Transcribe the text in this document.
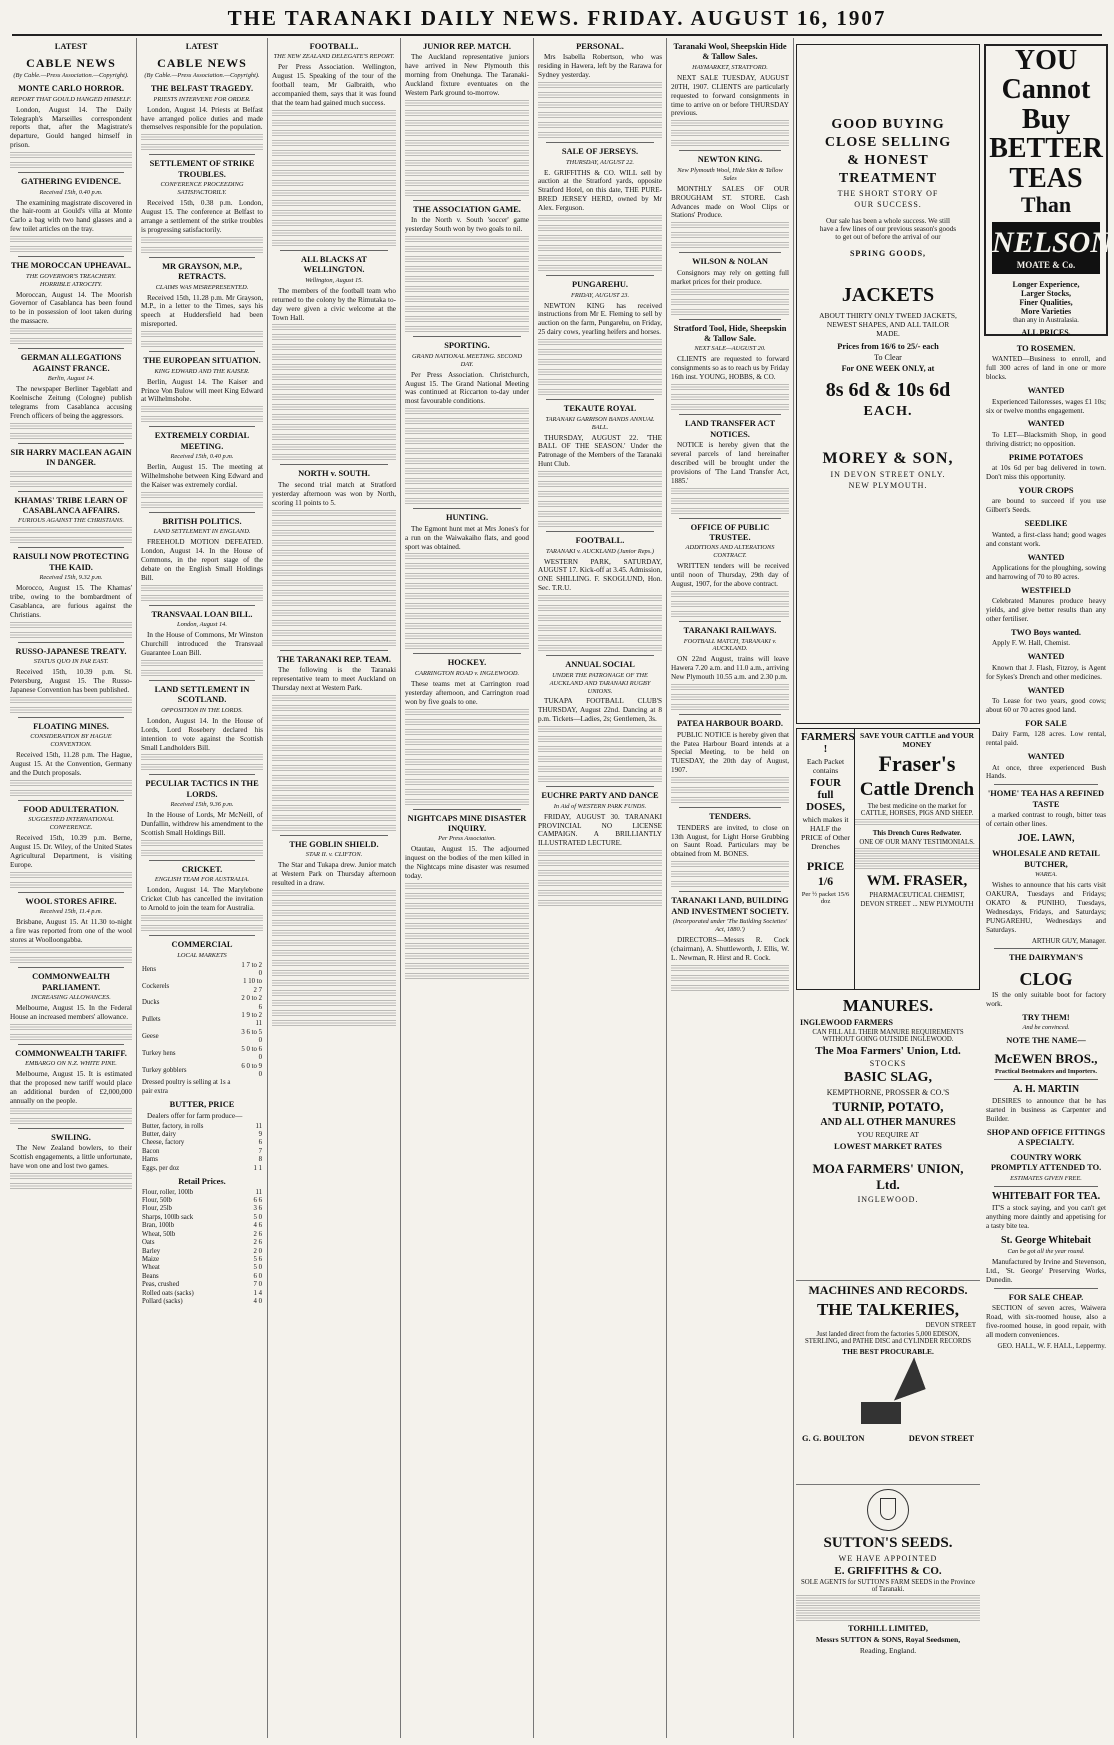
THE TARANAKI DAILY NEWS. FRIDAY. AUGUST 16, 1907
LATEST
CABLE NEWS
(By Cable.—Press Association.—Copyright).
MONTE CARLO HORROR.
REPORT THAT GOULD HANGED HIMSELF.

London, August 14. The Daily Telegraph's Marseilles correspondent reports that, after the Magistrate's departure, Gould hanged himself in prison.

GATHERING EVIDENCE.
Received 15th, 0.40 p.m.

The examining magistrate discovered in the hair-room at Gould's villa at Monte Carlo a bag with two hand glasses and a few toilet articles on the tray.

THE MOROCCAN UPHEAVAL.
THE GOVERNOR'S TREACHERY. HORRIBLE ATROCITY.

Moroccan, August 14. The Moorish Governor of Casablanca has been found to be in possession of loot taken during the massacre.

GERMAN ALLEGATIONS AGAINST FRANCE.
Berlin, August 14.

The newspaper Berliner Tageblatt and Koelnische Zeitung (Cologne) publish telegrams from Casablanca accusing French officers of being the aggressors.

SIR HARRY MACLEAN AGAIN IN DANGER.
KHAMAS' TRIBE LEARN OF CASABLANCA AFFAIRS.
FURIOUS AGAINST THE CHRISTIANS.
RAISULI NOW PROTECTING THE KAID.
Received 15th, 9.32 p.m.

Morocco, August 15. The Khamas' tribe, owing to the bombardment of Casablanca, are furious against the Christians.

RUSSO-JAPANESE TREATY.
STATUS QUO IN FAR EAST.

Received 15th, 10.39 p.m. St. Petersburg, August 15. The Russo-Japanese Convention has been published.

FLOATING MINES.
CONSIDERATION BY HAGUE CONVENTION.

Received 15th, 11.28 p.m. The Hague, August 15. At the Convention, Germany and the Dutch proposals.

FOOD ADULTERATION.
SUGGESTED INTERNATIONAL CONFERENCE.

Received 15th, 10.39 p.m. Berne, August 15. Dr. Wiley, of the United States Agricultural Department, is visiting Europe.

WOOL STORES AFIRE.
Received 15th, 11.4 p.m.

Brisbane, August 15. At 11.30 to-night a fire was reported from one of the wool stores at Woolloongabba.

COMMONWEALTH PARLIAMENT.
INCREASING ALLOWANCES.

Melbourne, August 15. In the Federal House an increased members' allowance.

COMMONWEALTH TARIFF.
EMBARGO ON N.Z. WHITE PINE.

Melbourne, August 15. It is estimated that the proposed new tariff would place an additional burden of £2,000,000 annually on the people.

SWILING.

The New Zealand bowlers, to their Scottish engagements, a little unfortunate, have won one and lost two games.

LATEST
CABLE NEWS
(By Cable.—Press Association.—Copyright).
THE BELFAST TRAGEDY.
PRIESTS INTERVENE FOR ORDER.

London, August 14. Priests at Belfast have arranged police duties and made themselves responsible for the population.

SETTLEMENT OF STRIKE TROUBLES.
CONFERENCE PROCEEDING SATISFACTORILY.

Received 15th, 0.38 p.m. London, August 15. The conference at Belfast to arrange a settlement of the strike troubles is progressing satisfactorily.

MR GRAYSON, M.P., RETRACTS.
CLAIMS WAS MISREPRESENTED.

Received 15th, 11.28 p.m. Mr Grayson, M.P., in a letter to the Times, says his speech at Huddersfield had been misreported.

THE EUROPEAN SITUATION.
KING EDWARD AND THE KAISER.

Berlin, August 14. The Kaiser and Prince Von Bulow will meet King Edward at Wilhelmshohe.

EXTREMELY CORDIAL MEETING.
Received 15th, 0.40 p.m.

Berlin, August 15. The meeting at Wilhelmshohe between King Edward and the Kaiser was extremely cordial.

BRITISH POLITICS.
LAND SETTLEMENT IN ENGLAND.

FREEHOLD MOTION DEFEATED. London, August 14. In the House of Commons, in the report stage of the debate on the English Small Holdings Bill.

TRANSVAAL LOAN BILL.
London, August 14.

In the House of Commons, Mr Winston Churchill introduced the Transvaal Guarantee Loan Bill.

LAND SETTLEMENT IN SCOTLAND.
OPPOSITION IN THE LORDS.

London, August 14. In the House of Lords, Lord Rosebery declared his intention to vote against the Scottish Small Landholders Bill.

PECULIAR TACTICS IN THE LORDS.
Received 15th, 9.36 p.m.

In the House of Lords, Mr McNeill, of Dunfallin, withdrew his amendment to the Scottish Small Holdings Bill.

CRICKET.
ENGLISH TEAM FOR AUSTRALIA.

London, August 14. The Marylebone Cricket Club has cancelled the invitation to Arnold to join the team for Australia.

COMMERCIAL
LOCAL MARKETS
Hens	1 7 to 2 0
Cockerels	1 10 to 2 7
Ducks	2 0 to 2 6
Pullets	1 9 to 2 11
Geese	3 6 to 5 0
Turkey hens	5 0 to 6 0
Turkey gobblers	6 0 to 9 0
Dressed poultry is selling at 1s a pair extra	
BUTTER, PRICE

Dealers offer for farm produce—

Butter, factory, in rolls	11
Butter, dairy	9
Cheese, factory	6
Bacon	7
Hams	8
Eggs, per doz	1 1
Retail Prices.
Flour, roller, 100lb	11
Flour, 50lb	6 6
Flour, 25lb	3 6
Sharps, 100lb sack	5 0
Bran, 100lb	4 6
Wheat, 50lb	2 6
Oats	2 6
Barley	2 0
Maize	5 6
Wheat	5 0
Beans	6 0
Peas, crushed	7 0
Rolled oats (sacks)	1 4
Pollard (sacks)	4 0
FOOTBALL.
THE NEW ZEALAND DELEGATE'S REPORT.

Per Press Association. Wellington, August 15. Speaking of the tour of the football team, Mr Galbraith, who accompanied them, says that it was found that the team had gained much success.

ALL BLACKS AT WELLINGTON.
Wellington, August 15.

The members of the football team who returned to the colony by the Rimutaka to-day were given a civic welcome at the Town Hall.

NORTH v. SOUTH.

The second trial match at Stratford yesterday afternoon was won by North, scoring 11 points to 5.

THE TARANAKI REP. TEAM.

The following is the Taranaki representative team to meet Auckland on Thursday next at Western Park.

THE GOBLIN SHIELD.
STAR II. v. CLIFTON.

The Star and Tukapa drew. Junior match at Western Park on Thursday afternoon resulted in a draw.

JUNIOR REP. MATCH.

The Auckland representative juniors have arrived in New Plymouth this morning from Onehunga. The Taranaki-Auckland fixture eventuates on the Western Park ground to-morrow.

THE ASSOCIATION GAME.

In the North v. South 'soccer' game yesterday South won by two goals to nil.

SPORTING.
GRAND NATIONAL MEETING. SECOND DAY.

Per Press Association. Christchurch, August 15. The Grand National Meeting was continued at Riccarton to-day under most favourable conditions.

HUNTING.

The Egmont hunt met at Mrs Jones's for a run on the Waiwakaiho flats, and good sport was obtained.

HOCKEY.
CARRINGTON ROAD v. INGLEWOOD.

These teams met at Carrington road yesterday afternoon, and Carrington road won by five goals to one.

NIGHTCAPS MINE DISASTER INQUIRY.
Per Press Association.

Otautau, August 15. The adjourned inquest on the bodies of the men killed in the Nightcaps mine disaster was resumed today.

PERSONAL.

Mrs Isabella Robertson, who was residing in Hawera, left by the Rarawa for Sydney yesterday.

SALE OF JERSEYS.
THURSDAY, AUGUST 22.

E. GRIFFITHS & CO. WILL sell by auction at the Stratford yards, opposite Stratford Hotel, on this date, THE PURE-BRED JERSEY HERD, owned by Mr Alex. Ferguson.

PUNGAREHU.
FRIDAY, AUGUST 23.

NEWTON KING has received instructions from Mr E. Fleming to sell by auction on the farm, Pungarehu, on Friday, 25 dairy cows, yearling heifers and horses.

TEKAUTE ROYAL
TARANAKI GARRISON BANDS ANNUAL BALL.

THURSDAY, AUGUST 22. 'THE BALL OF THE SEASON.' Under the Patronage of the Members of the Taranaki Hunt Club.

FOOTBALL.
TARANAKI v. AUCKLAND (Junior Reps.)

WESTERN PARK, SATURDAY, AUGUST 17. Kick-off at 3.45. Admission, ONE SHILLING. F. SKOGLUND, Hon. Sec. T.R.U.

ANNUAL SOCIAL
UNDER THE PATRONAGE OF THE AUCKLAND AND TARANAKI RUGBY UNIONS.

TUKAPA FOOTBALL CLUB'S THURSDAY, August 22nd. Dancing at 8 p.m. Tickets—Ladies, 2s; Gentlemen, 3s.

EUCHRE PARTY AND DANCE
In Aid of WESTERN PARK FUNDS.

FRIDAY, AUGUST 30. TARANAKI PROVINCIAL NO LICENSE CAMPAIGN. A BRILLIANTLY ILLUSTRATED LECTURE.

Taranaki Wool, Sheepskin Hide & Tallow Sales.
HAYMARKET, STRATFORD.

NEXT SALE TUESDAY, AUGUST 20TH, 1907. CLIENTS are particularly requested to forward consignments in time to arrive on or before THURSDAY previous.

NEWTON KING.
New Plymouth Wool, Hide Skin & Tallow Sales

MONTHLY SALES OF OUR BROUGHAM ST. STORE. Cash Advances made on Wool Clips or Stations' Produce.

WILSON & NOLAN

Consignors may rely on getting full market prices for their produce.

Stratford Tool, Hide, Sheepskin & Tallow Sale.
NEXT SALE—AUGUST 20.

CLIENTS are requested to forward consignments so as to reach us by Friday 16th inst. YOUNG, HOBBS, & CO.

LAND TRANSFER ACT NOTICES.

NOTICE is hereby given that the several parcels of land hereinafter described will be brought under the provisions of 'The Land Transfer Act, 1885.'

OFFICE OF PUBLIC TRUSTEE.
ADDITIONS AND ALTERATIONS CONTRACT.

WRITTEN tenders will be received until noon of Thursday, 29th day of August, 1907, for the above contract.

TARANAKI RAILWAYS.
FOOTBALL MATCH, TARANAKI v. AUCKLAND.

ON 22nd August, trains will leave Hawera 7.20 a.m. and 11.0 a.m., arriving New Plymouth 10.55 a.m. and 2.30 p.m.

PATEA HARBOUR BOARD.

PUBLIC NOTICE is hereby given that the Patea Harbour Board intends at a Special Meeting, to be held on TUESDAY, the 20th day of August, 1907.

TENDERS.

TENDERS are invited, to close on 13th August, for Light Horse Grubbing on Saunt Road. Particulars may be obtained from M. BONES.

TARANAKI LAND, BUILDING AND INVESTMENT SOCIETY.
(Incorporated under 'The Building Societies' Act, 1880.')

DIRECTORS—Messrs R. Cock (chairman), A. Shuttleworth, J. Ellis, W. L. Newman, R. Hirst and R. Cock.

GOOD BUYING
CLOSE SELLING
& HONEST
TREATMENT
THE SHORT STORY OF
OUR SUCCESS.
Our sale has been a whole success. We still have a few lines of our previous season's goods to get out of before the arrival of our
SPRING GOODS,
JACKETS
ABOUT THIRTY ONLY TWEED JACKETS, NEWEST SHAPES, AND ALL TAILOR MADE.
Prices from 16/6 to 25/- each
To Clear
For ONE WEEK ONLY, at
8s 6d & 10s 6d
EACH.
MOREY & SON,
IN DEVON STREET ONLY.
NEW PLYMOUTH.
FARMERS !
Each Packet contains
FOUR full DOSES,
which makes it HALF the PRICE of Other Drenches
PRICE 1/6
Per ½ packet 15/6 doz
SAVE YOUR CATTLE and YOUR MONEY
Fraser's
Cattle Drench
The best medicine on the market for CATTLE, HORSES, PIGS AND SHEEP.
This Drench Cures Redwater.
ONE OF OUR MANY TESTIMONIALS.
WM. FRASER,
PHARMACEUTICAL CHEMIST,
DEVON STREET ... NEW PLYMOUTH
MANURES.
INGLEWOOD FARMERS
CAN FILL ALL THEIR MANURE REQUIREMENTS WITHOUT GOING OUTSIDE INGLEWOOD.
The Moa Farmers' Union, Ltd.
STOCKS
BASIC SLAG,
KEMPTHORNE, PROSSER & CO.'S
TURNIP, POTATO,
AND ALL OTHER MANURES
YOU REQUIRE AT
LOWEST MARKET RATES
MOA FARMERS' UNION, Ltd.
INGLEWOOD.
MACHINES AND RECORDS.
THE TALKERIES,
DEVON STREET
Just landed direct from the factories 5,000 EDISON, STERLING, and PATHE DISC and CYLINDER RECORDS
THE BEST PROCURABLE.
G. G. BOULTON	DEVON STREET
SUTTON'S SEEDS.
WE HAVE APPOINTED
E. GRIFFITHS & CO.
SOLE AGENTS for SUTTON'S FARM SEEDS in the Province of Taranaki.
TORHILL LIMITED,
Messrs SUTTON & SONS, Royal Seedsmen,
Reading, England.
YOU
Cannot
Buy
BETTER
TEAS
Than
NELSON
MOATE & Co.
Longer Experience,
Larger Stocks,
Finer Qualities,
More Varieties
than any in Australasia.
ALL PRICES.
TO ROSEMEN.

WANTED—Business to enroll, and full 300 acres of land in one or more blocks.

WANTED

Experienced Tailoresses, wages £1 10s; six or twelve months engagement.

WANTED

To LET—Blacksmith Shop, in good thriving district; no opposition.

PRIME POTATOES

at 10s 6d per bag delivered in town. Don't miss this opportunity.

YOUR CROPS

are bound to succeed if you use Gilbert's Seeds.

SEEDLIKE

Wanted, a first-class hand; good wages and constant work.

WANTED

Applications for the ploughing, sowing and harrowing of 70 to 80 acres.

WESTFIELD

Celebrated Manures produce heavy yields, and give better results than any other fertiliser.

TWO Boys wanted.

Apply F. W. Hall, Chemist.

WANTED

Known that J. Flash, Fitzroy, is Agent for Sykes's Drench and other medicines.

WANTED

To Lease for two years, good cows; about 60 or 70 acres good land.

FOR SALE

Dairy Farm, 128 acres. Low rental, rental paid.

WANTED

At once, three experienced Bush Hands.

'HOME' TEA HAS A REFINED TASTE

a marked contrast to rough, bitter teas of certain other lines.

JOE. LAWN,
WHOLESALE AND RETAIL BUTCHER,
WAREA.

Wishes to announce that his carts visit OAKURA, Tuesdays and Fridays; OKATO & PUNIHO, Tuesdays, Wednesdays, Fridays, and Saturdays; PUNGAREHU, Wednesdays and Saturdays.

ARTHUR GUY, Manager.
THE DAIRYMAN'S
CLOG

IS the only suitable boot for factory work.

TRY THEM!
And be convinced.
NOTE THE NAME—
McEWEN BROS.,
Practical Bootmakers and Importers.
A. H. MARTIN

DESIRES to announce that he has started in business as Carpenter and Builder.

SHOP AND OFFICE FITTINGS A SPECIALTY.
COUNTRY WORK PROMPTLY ATTENDED TO.
ESTIMATES GIVEN FREE.
WHITEBAIT FOR TEA.

IT'S a stock saying, and you can't get anything more daintly and appetising for a tasty bite tea.

St. George Whitebait
Can be got all the year round.

Manufactured by Irvine and Stevenson, Ltd., 'St. George' Preserving Works, Dunedin.

FOR SALE CHEAP.

SECTION of seven acres, Waiwera Road, with six-roomed house, also a five-roomed house, in good repair, with all modern conveniences.

GEO. HALL, W. F. HALL, Leppermy.
